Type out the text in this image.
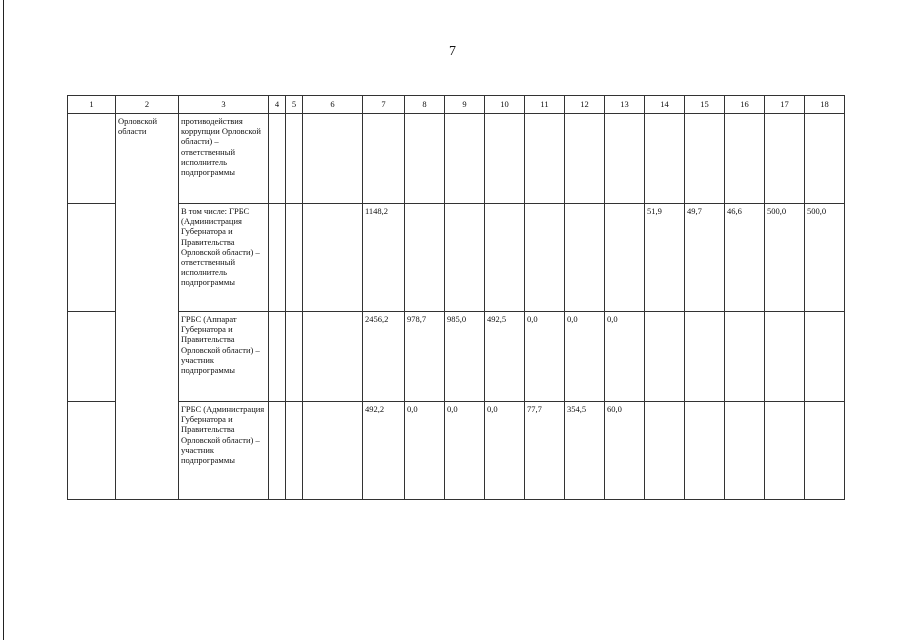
7
1	2	3	4	5	6	7	8	9	10	11	12	13	14	15	16	17	18
	Орловской области	противодействия коррупции Орловской области) – ответственный исполнитель подпрограммы															
		В том числе: ГРБС (Администрация Губернатора и Правительства Орловской области) – ответственный исполнитель подпрограммы				1148,2							51,9	49,7	46,6	500,0	500,0
		ГРБС (Аппарат Губернатора и Правительства Орловской области) – участник подпрограммы				2456,2	978,7	985,0	492,5	0,0	0,0	0,0					
		ГРБС (Администрация Губернатора и Правительства Орловской области) – участник подпрограммы				492,2	0,0	0,0	0,0	77,7	354,5	60,0					
